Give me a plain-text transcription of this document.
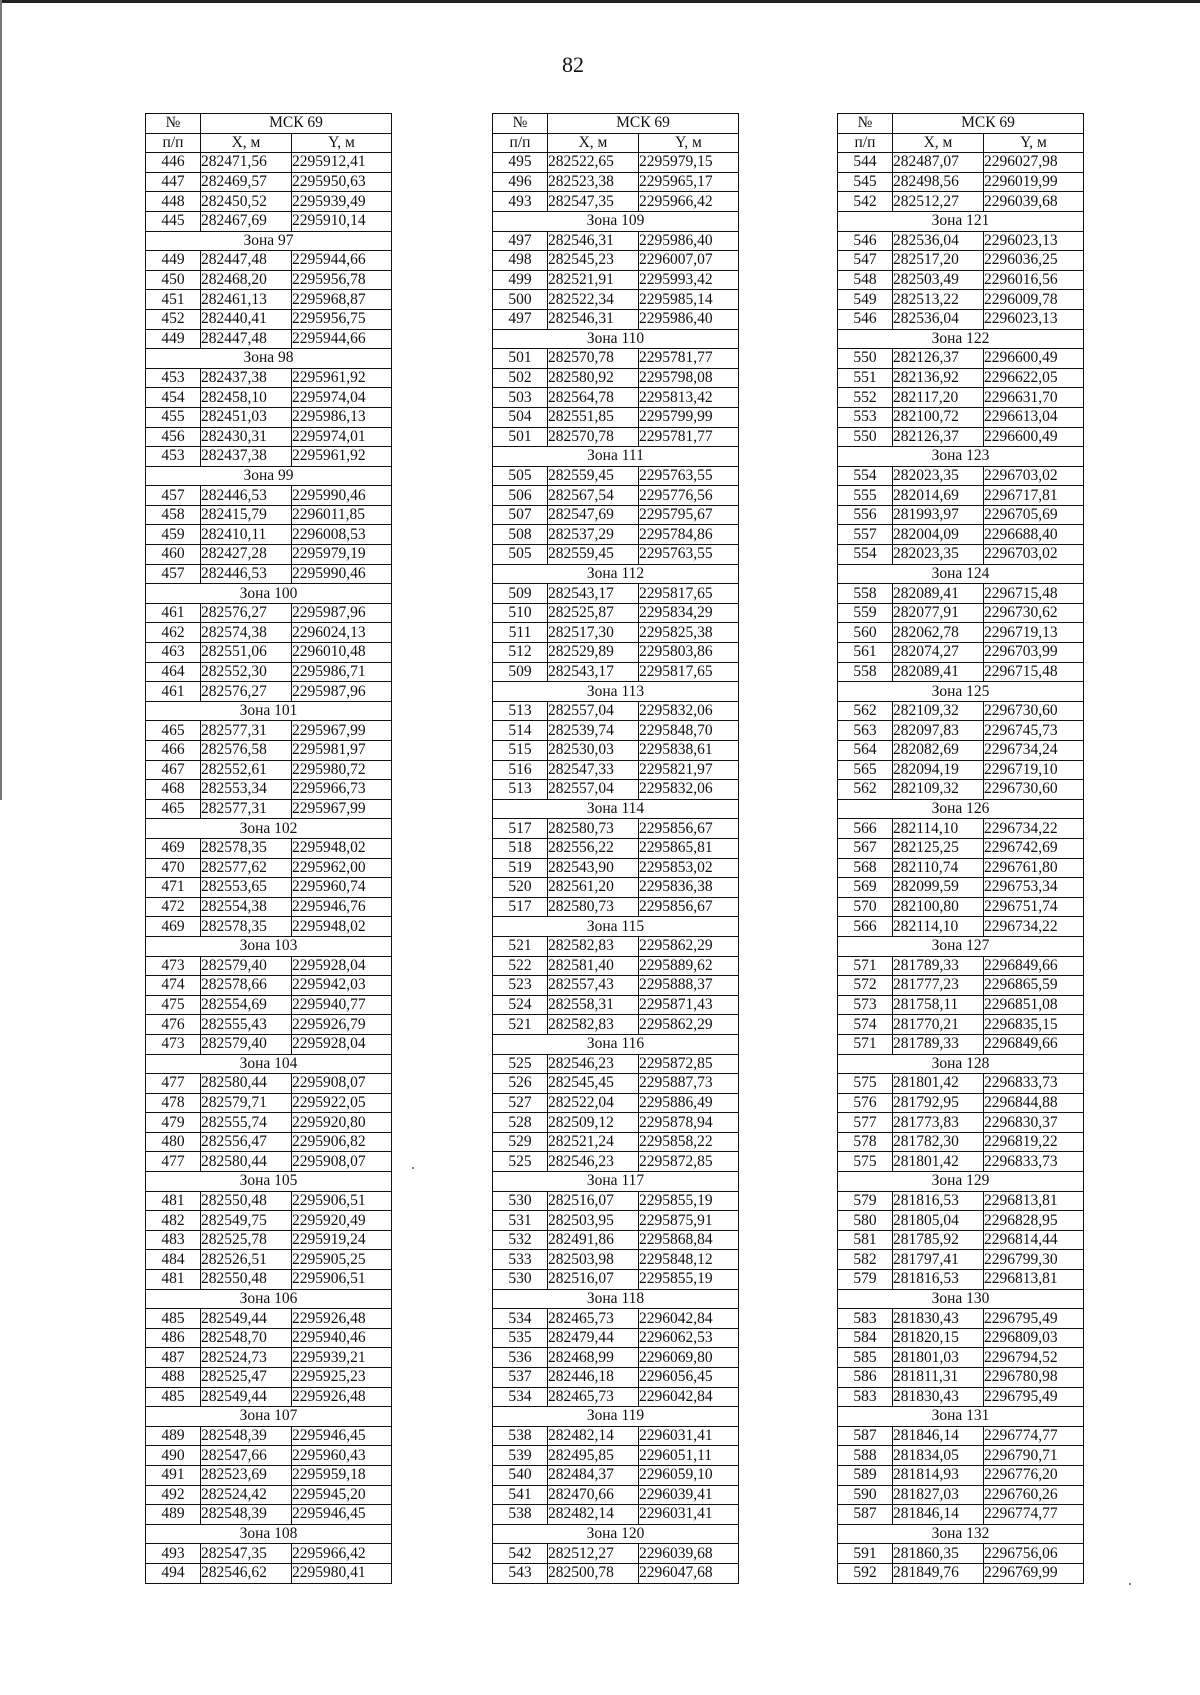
82
№	МСК 69	
п/п	Х, м	Y, м
446	282471,56	2295912,41
447	282469,57	2295950,63
448	282450,52	2295939,49
445	282467,69	2295910,14
Зона 97		
449	282447,48	2295944,66
450	282468,20	2295956,78
451	282461,13	2295968,87
452	282440,41	2295956,75
449	282447,48	2295944,66
Зона 98		
453	282437,38	2295961,92
454	282458,10	2295974,04
455	282451,03	2295986,13
456	282430,31	2295974,01
453	282437,38	2295961,92
Зона 99		
457	282446,53	2295990,46
458	282415,79	2296011,85
459	282410,11	2296008,53
460	282427,28	2295979,19
457	282446,53	2295990,46
Зона 100		
461	282576,27	2295987,96
462	282574,38	2296024,13
463	282551,06	2296010,48
464	282552,30	2295986,71
461	282576,27	2295987,96
Зона 101		
465	282577,31	2295967,99
466	282576,58	2295981,97
467	282552,61	2295980,72
468	282553,34	2295966,73
465	282577,31	2295967,99
Зона 102		
469	282578,35	2295948,02
470	282577,62	2295962,00
471	282553,65	2295960,74
472	282554,38	2295946,76
469	282578,35	2295948,02
Зона 103		
473	282579,40	2295928,04
474	282578,66	2295942,03
475	282554,69	2295940,77
476	282555,43	2295926,79
473	282579,40	2295928,04
Зона 104		
477	282580,44	2295908,07
478	282579,71	2295922,05
479	282555,74	2295920,80
480	282556,47	2295906,82
477	282580,44	2295908,07
Зона 105		
481	282550,48	2295906,51
482	282549,75	2295920,49
483	282525,78	2295919,24
484	282526,51	2295905,25
481	282550,48	2295906,51
Зона 106		
485	282549,44	2295926,48
486	282548,70	2295940,46
487	282524,73	2295939,21
488	282525,47	2295925,23
485	282549,44	2295926,48
Зона 107		
489	282548,39	2295946,45
490	282547,66	2295960,43
491	282523,69	2295959,18
492	282524,42	2295945,20
489	282548,39	2295946,45
Зона 108		
493	282547,35	2295966,42
494	282546,62	2295980,41
№	МСК 69	
п/п	Х, м	Y, м
495	282522,65	2295979,15
496	282523,38	2295965,17
493	282547,35	2295966,42
Зона 109		
497	282546,31	2295986,40
498	282545,23	2296007,07
499	282521,91	2295993,42
500	282522,34	2295985,14
497	282546,31	2295986,40
Зона 110		
501	282570,78	2295781,77
502	282580,92	2295798,08
503	282564,78	2295813,42
504	282551,85	2295799,99
501	282570,78	2295781,77
Зона 111		
505	282559,45	2295763,55
506	282567,54	2295776,56
507	282547,69	2295795,67
508	282537,29	2295784,86
505	282559,45	2295763,55
Зона 112		
509	282543,17	2295817,65
510	282525,87	2295834,29
511	282517,30	2295825,38
512	282529,89	2295803,86
509	282543,17	2295817,65
Зона 113		
513	282557,04	2295832,06
514	282539,74	2295848,70
515	282530,03	2295838,61
516	282547,33	2295821,97
513	282557,04	2295832,06
Зона 114		
517	282580,73	2295856,67
518	282556,22	2295865,81
519	282543,90	2295853,02
520	282561,20	2295836,38
517	282580,73	2295856,67
Зона 115		
521	282582,83	2295862,29
522	282581,40	2295889,62
523	282557,43	2295888,37
524	282558,31	2295871,43
521	282582,83	2295862,29
Зона 116		
525	282546,23	2295872,85
526	282545,45	2295887,73
527	282522,04	2295886,49
528	282509,12	2295878,94
529	282521,24	2295858,22
525	282546,23	2295872,85
Зона 117		
530	282516,07	2295855,19
531	282503,95	2295875,91
532	282491,86	2295868,84
533	282503,98	2295848,12
530	282516,07	2295855,19
Зона 118		
534	282465,73	2296042,84
535	282479,44	2296062,53
536	282468,99	2296069,80
537	282446,18	2296056,45
534	282465,73	2296042,84
Зона 119		
538	282482,14	2296031,41
539	282495,85	2296051,11
540	282484,37	2296059,10
541	282470,66	2296039,41
538	282482,14	2296031,41
Зона 120		
542	282512,27	2296039,68
543	282500,78	2296047,68
№	МСК 69	
п/п	Х, м	Y, м
544	282487,07	2296027,98
545	282498,56	2296019,99
542	282512,27	2296039,68
Зона 121		
546	282536,04	2296023,13
547	282517,20	2296036,25
548	282503,49	2296016,56
549	282513,22	2296009,78
546	282536,04	2296023,13
Зона 122		
550	282126,37	2296600,49
551	282136,92	2296622,05
552	282117,20	2296631,70
553	282100,72	2296613,04
550	282126,37	2296600,49
Зона 123		
554	282023,35	2296703,02
555	282014,69	2296717,81
556	281993,97	2296705,69
557	282004,09	2296688,40
554	282023,35	2296703,02
Зона 124		
558	282089,41	2296715,48
559	282077,91	2296730,62
560	282062,78	2296719,13
561	282074,27	2296703,99
558	282089,41	2296715,48
Зона 125		
562	282109,32	2296730,60
563	282097,83	2296745,73
564	282082,69	2296734,24
565	282094,19	2296719,10
562	282109,32	2296730,60
Зона 126		
566	282114,10	2296734,22
567	282125,25	2296742,69
568	282110,74	2296761,80
569	282099,59	2296753,34
570	282100,80	2296751,74
566	282114,10	2296734,22
Зона 127		
571	281789,33	2296849,66
572	281777,23	2296865,59
573	281758,11	2296851,08
574	281770,21	2296835,15
571	281789,33	2296849,66
Зона 128		
575	281801,42	2296833,73
576	281792,95	2296844,88
577	281773,83	2296830,37
578	281782,30	2296819,22
575	281801,42	2296833,73
Зона 129		
579	281816,53	2296813,81
580	281805,04	2296828,95
581	281785,92	2296814,44
582	281797,41	2296799,30
579	281816,53	2296813,81
Зона 130		
583	281830,43	2296795,49
584	281820,15	2296809,03
585	281801,03	2296794,52
586	281811,31	2296780,98
583	281830,43	2296795,49
Зона 131		
587	281846,14	2296774,77
588	281834,05	2296790,71
589	281814,93	2296776,20
590	281827,03	2296760,26
587	281846,14	2296774,77
Зона 132		
591	281860,35	2296756,06
592	281849,76	2296769,99
